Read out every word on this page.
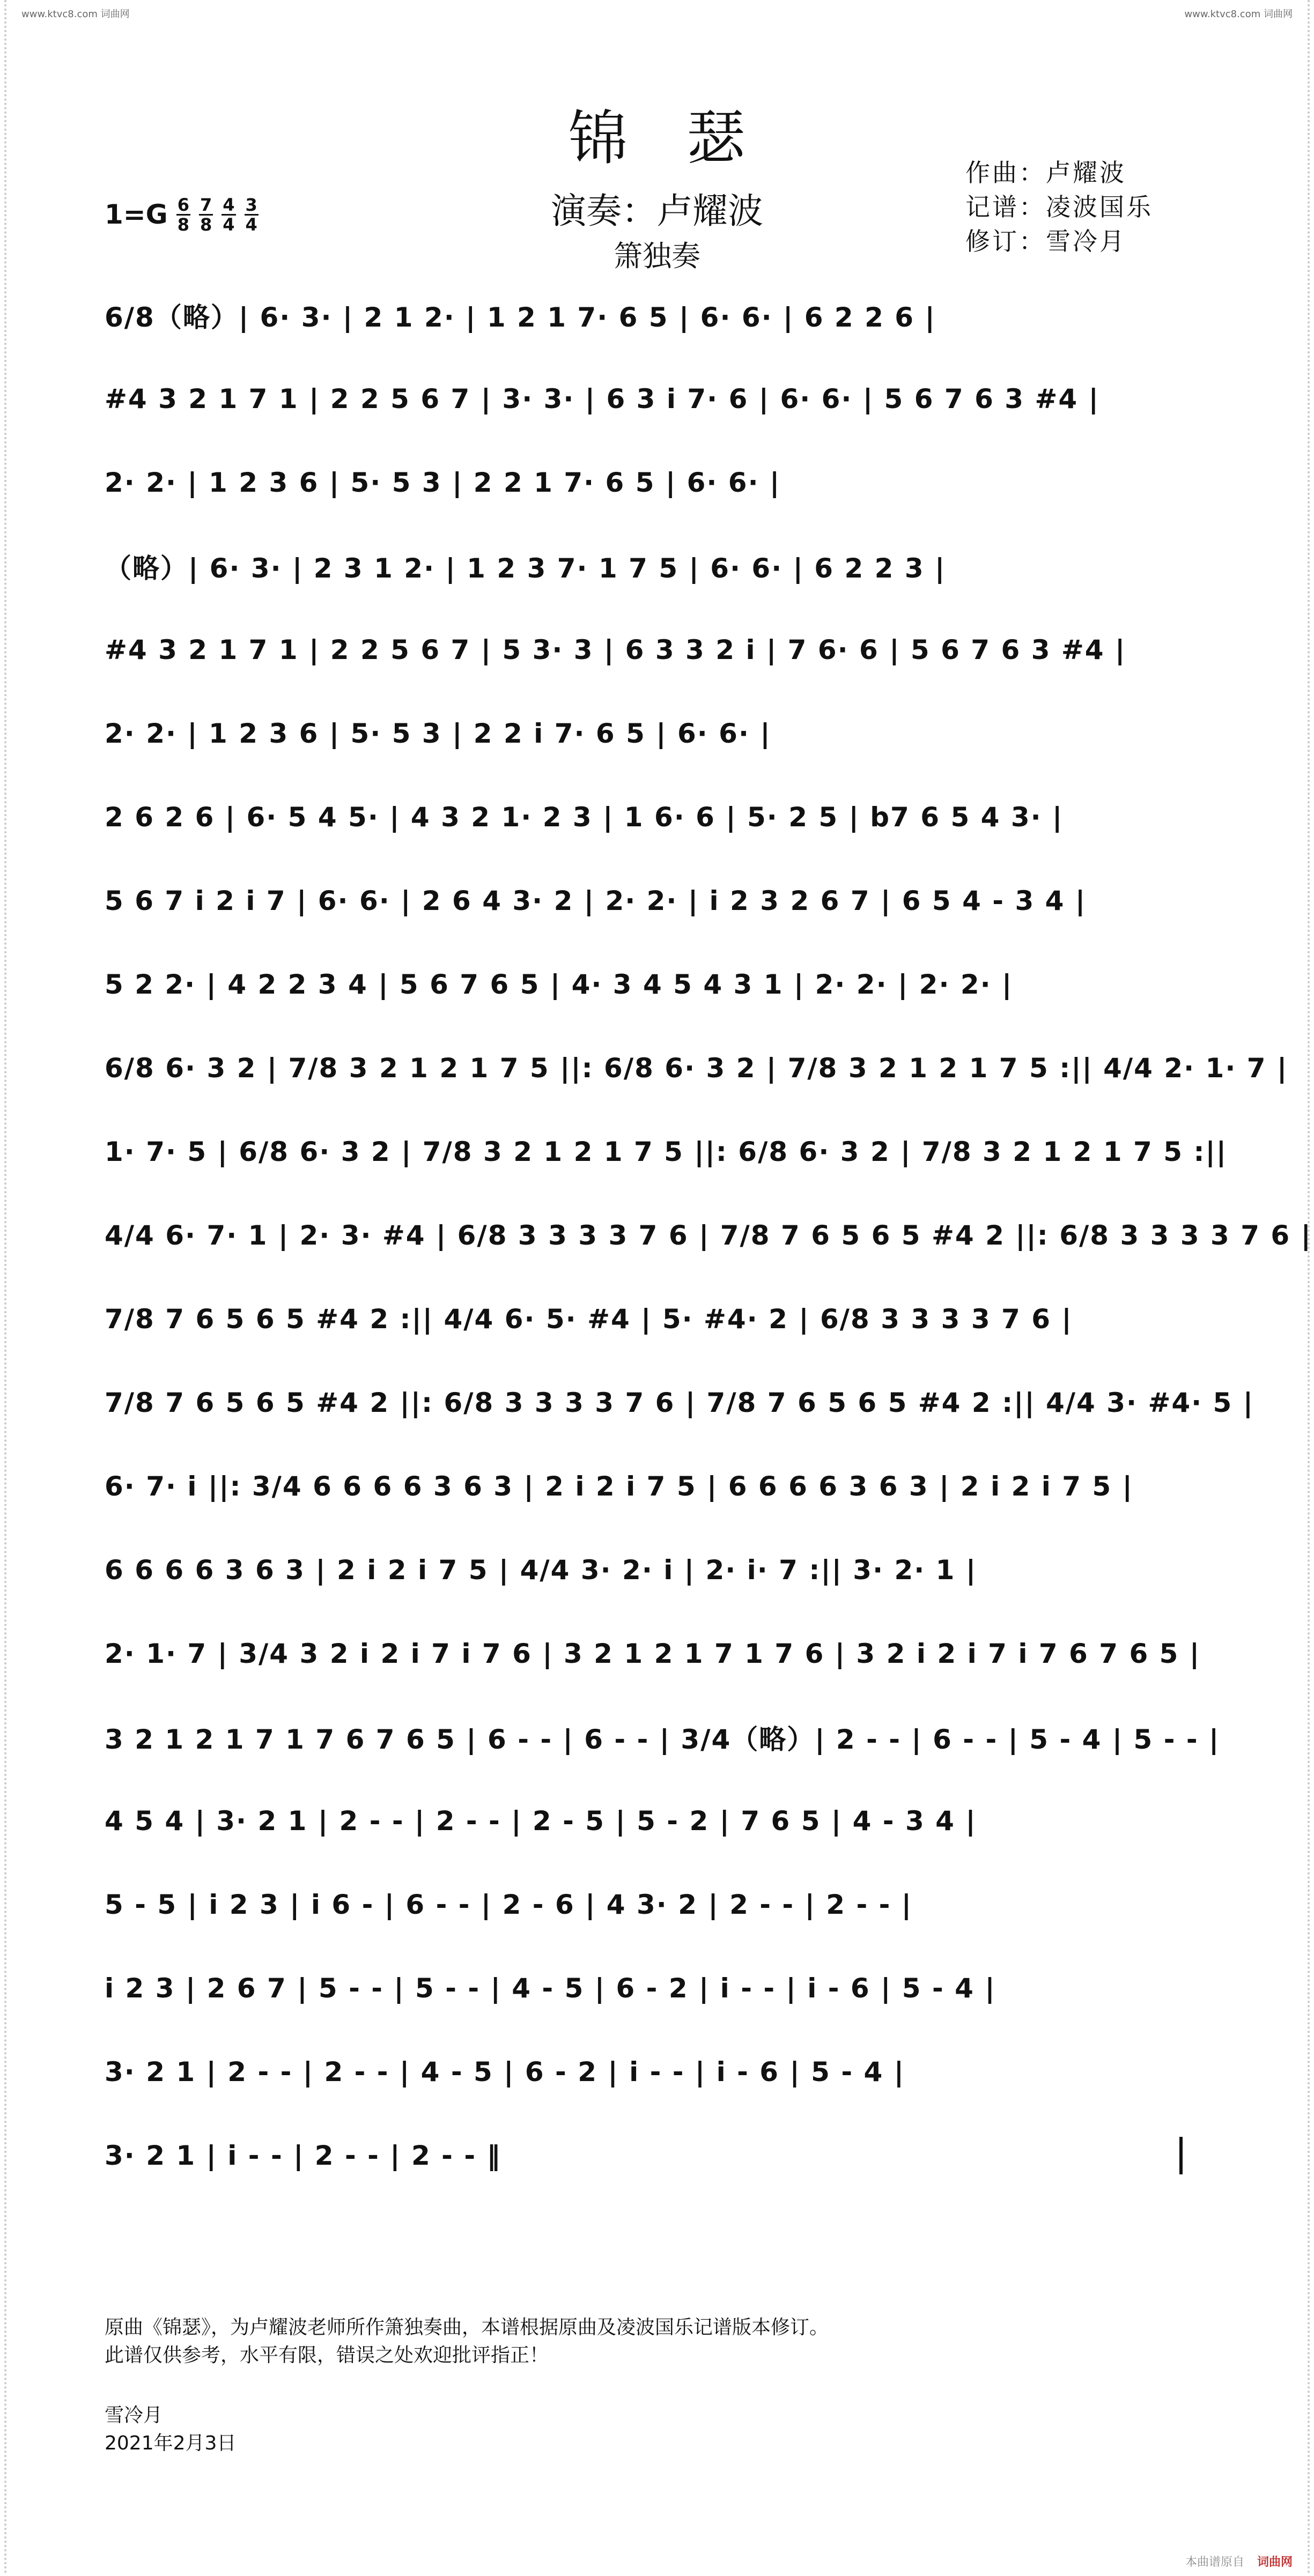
www.ktvc8.com 词曲网	www.ktvc8.com 词曲网
锦瑟
演奏：卢耀波
箫独奏
作曲：卢耀波
记谱：凌波国乐
修订：雪冷月
$1=G \frac{6}{8} \frac{7}{8} \frac{4}{4} \frac{3}{4}$
6/8（略）| 6· 3· | 2 1 2· | 1 2 1 7· 6 5 | 6· 6· | 6 2 2 6 |
#4 3 2 1 7 1 | 2 2 5 6 7 | 3· 3· | 6 3 i 7· 6 | 6· 6· | 5 6 7 6 3 #4 |
2· 2· | 1 2 3 6 | 5· 5 3 | 2 2 1 7· 6 5 | 6· 6· |
（略）| 6· 3· | 2 3 1 2· | 1 2 3 7· 1 7 5 | 6· 6· | 6 2 2 3 |
#4 3 2 1 7 1 | 2 2 5 6 7 | 5 3· 3 | 6 3 3 2 i | 7 6· 6 | 5 6 7 6 3 #4 |
2· 2· | 1 2 3 6 | 5· 5 3 | 2 2 i 7· 6 5 | 6· 6· |
2 6 2 6 | 6· 5 4 5· | 4 3 2 1· 2 3 | 1 6· 6 | 5· 2 5 | b7 6 5 4 3· |
5 6 7 i 2 i 7 | 6· 6· | 2 6 4 3· 2 | 2· 2· | i 2 3 2 6 7 | 6 5 4 - 3 4 |
5 2 2· | 4 2 2 3 4 | 5 6 7 6 5 | 4· 3 4 5 4 3 1 | 2· 2· | 2· 2· |
6/8 6· 3 2 | 7/8 3 2 1 2 1 7 5 ||: 6/8 6· 3 2 | 7/8 3 2 1 2 1 7 5 :|| 4/4 2· 1· 7 |
1· 7· 5 | 6/8 6· 3 2 | 7/8 3 2 1 2 1 7 5 ||: 6/8 6· 3 2 | 7/8 3 2 1 2 1 7 5 :||
4/4 6· 7· 1 | 2· 3· #4 | 6/8 3 3 3 3 7 6 | 7/8 7 6 5 6 5 #4 2 ||: 6/8 3 3 3 3 7 6 |
7/8 7 6 5 6 5 #4 2 :|| 4/4 6· 5· #4 | 5· #4· 2 | 6/8 3 3 3 3 7 6 |
7/8 7 6 5 6 5 #4 2 ||: 6/8 3 3 3 3 7 6 | 7/8 7 6 5 6 5 #4 2 :|| 4/4 3· #4· 5 |
6· 7· i ||: 3/4 6 6 6 6 3 6 3 | 2 i 2 i 7 5 | 6 6 6 6 3 6 3 | 2 i 2 i 7 5 |
6 6 6 6 3 6 3 | 2 i 2 i 7 5 | 4/4 3· 2· i | 2· i· 7 :|| 3· 2· 1 |
2· 1· 7 | 3/4 3 2 i 2 i 7 i 7 6 | 3 2 1 2 1 7 1 7 6 | 3 2 i 2 i 7 i 7 6 7 6 5 |
3 2 1 2 1 7 1 7 6 7 6 5 | 6 - - | 6 - - | 3/4（略）| 2 - - | 6 - - | 5 - 4 | 5 - - |
4 5 4 | 3· 2 1 | 2 - - | 2 - - | 2 - 5 | 5 - 2 | 7 6 5 | 4 - 3 4 |
5 - 5 | i 2 3 | i 6 - | 6 - - | 2 - 6 | 4 3· 2 | 2 - - | 2 - - |
i 2 3 | 2 6 7 | 5 - - | 5 - - | 4 - 5 | 6 - 2 | i - - | i - 6 | 5 - 4 |
3· 2 1 | 2 - - | 2 - - | 4 - 5 | 6 - 2 | i - - | i - 6 | 5 - 4 |
3· 2 1 | i - - | 2 - - | 2 - - ‖
原曲《锦瑟》，为卢耀波老师所作箫独奏曲，本谱根据原曲及凌波国乐记谱版本修订。
此谱仅供参考，水平有限，错误之处欢迎批评指正！
雪冷月
2021年2月3日
本曲谱原自 词曲网
